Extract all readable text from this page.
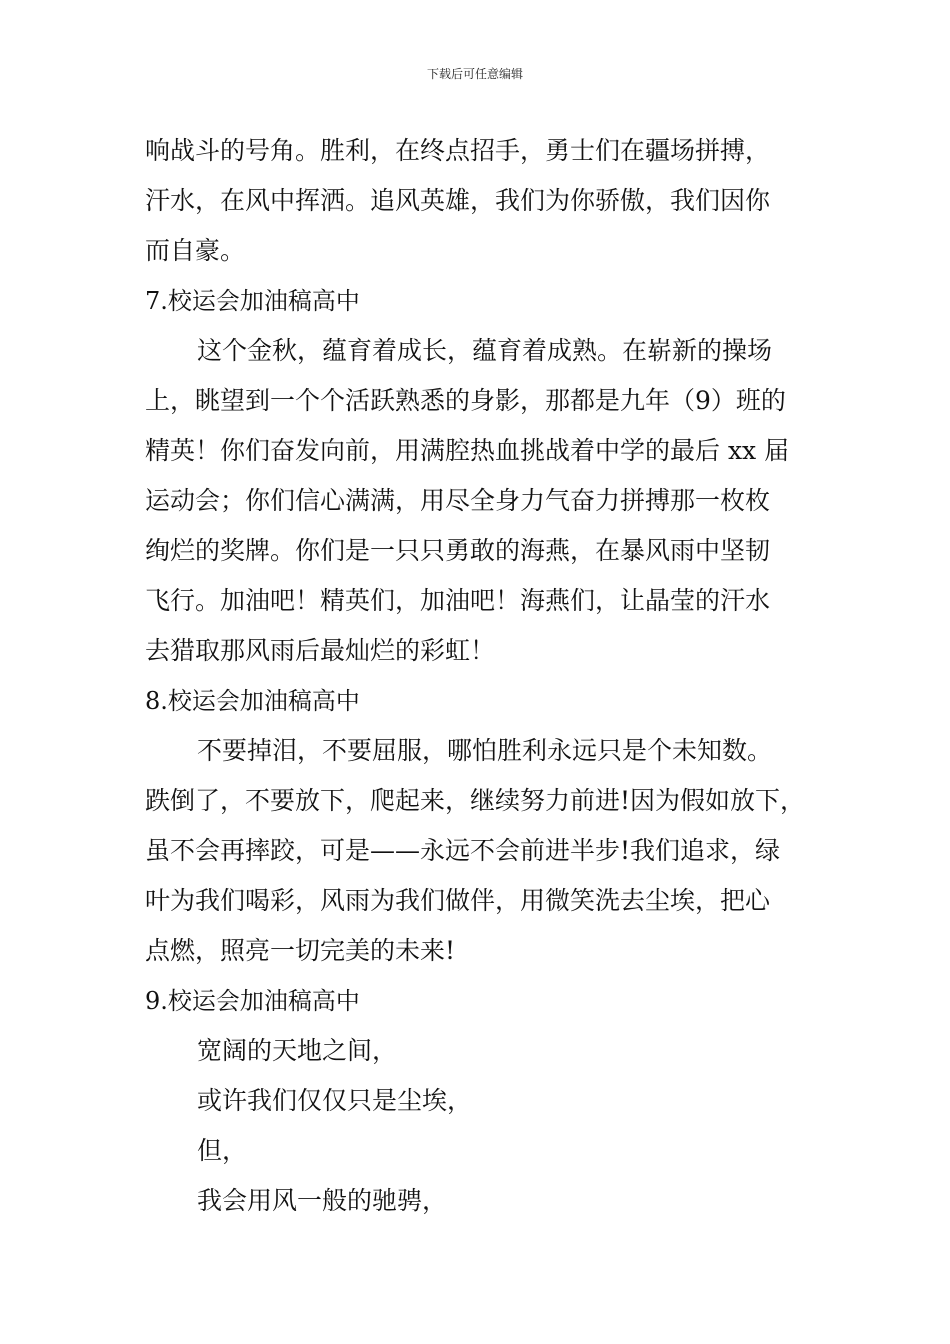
下载后可任意编辑
响战斗的号角。胜利，在终点招手，勇士们在疆场拼搏，
汗水，在风中挥洒。追风英雄，我们为你骄傲，我们因你
而自豪。
7.校运会加油稿高中
这个金秋，蕴育着成长，蕴育着成熟。在崭新的操场
上，眺望到一个个活跃熟悉的身影，那都是九年（9）班的
精英！你们奋发向前，用满腔热血挑战着中学的最后 xx 届
运动会；你们信心满满，用尽全身力气奋力拼搏那一枚枚
绚烂的奖牌。你们是一只只勇敢的海燕，在暴风雨中坚韧
飞行。加油吧！精英们，加油吧！海燕们，让晶莹的汗水
去猎取那风雨后最灿烂的彩虹！
8.校运会加油稿高中
不要掉泪，不要屈服，哪怕胜利永远只是个未知数。
跌倒了，不要放下，爬起来，继续努力前进!因为假如放下，
虽不会再摔跤，可是——永远不会前进半步!我们追求，绿
叶为我们喝彩，风雨为我们做伴，用微笑洗去尘埃，把心
点燃，照亮一切完美的未来!
9.校运会加油稿高中
宽阔的天地之间，
或许我们仅仅只是尘埃，
但，
我会用风一般的驰骋，
